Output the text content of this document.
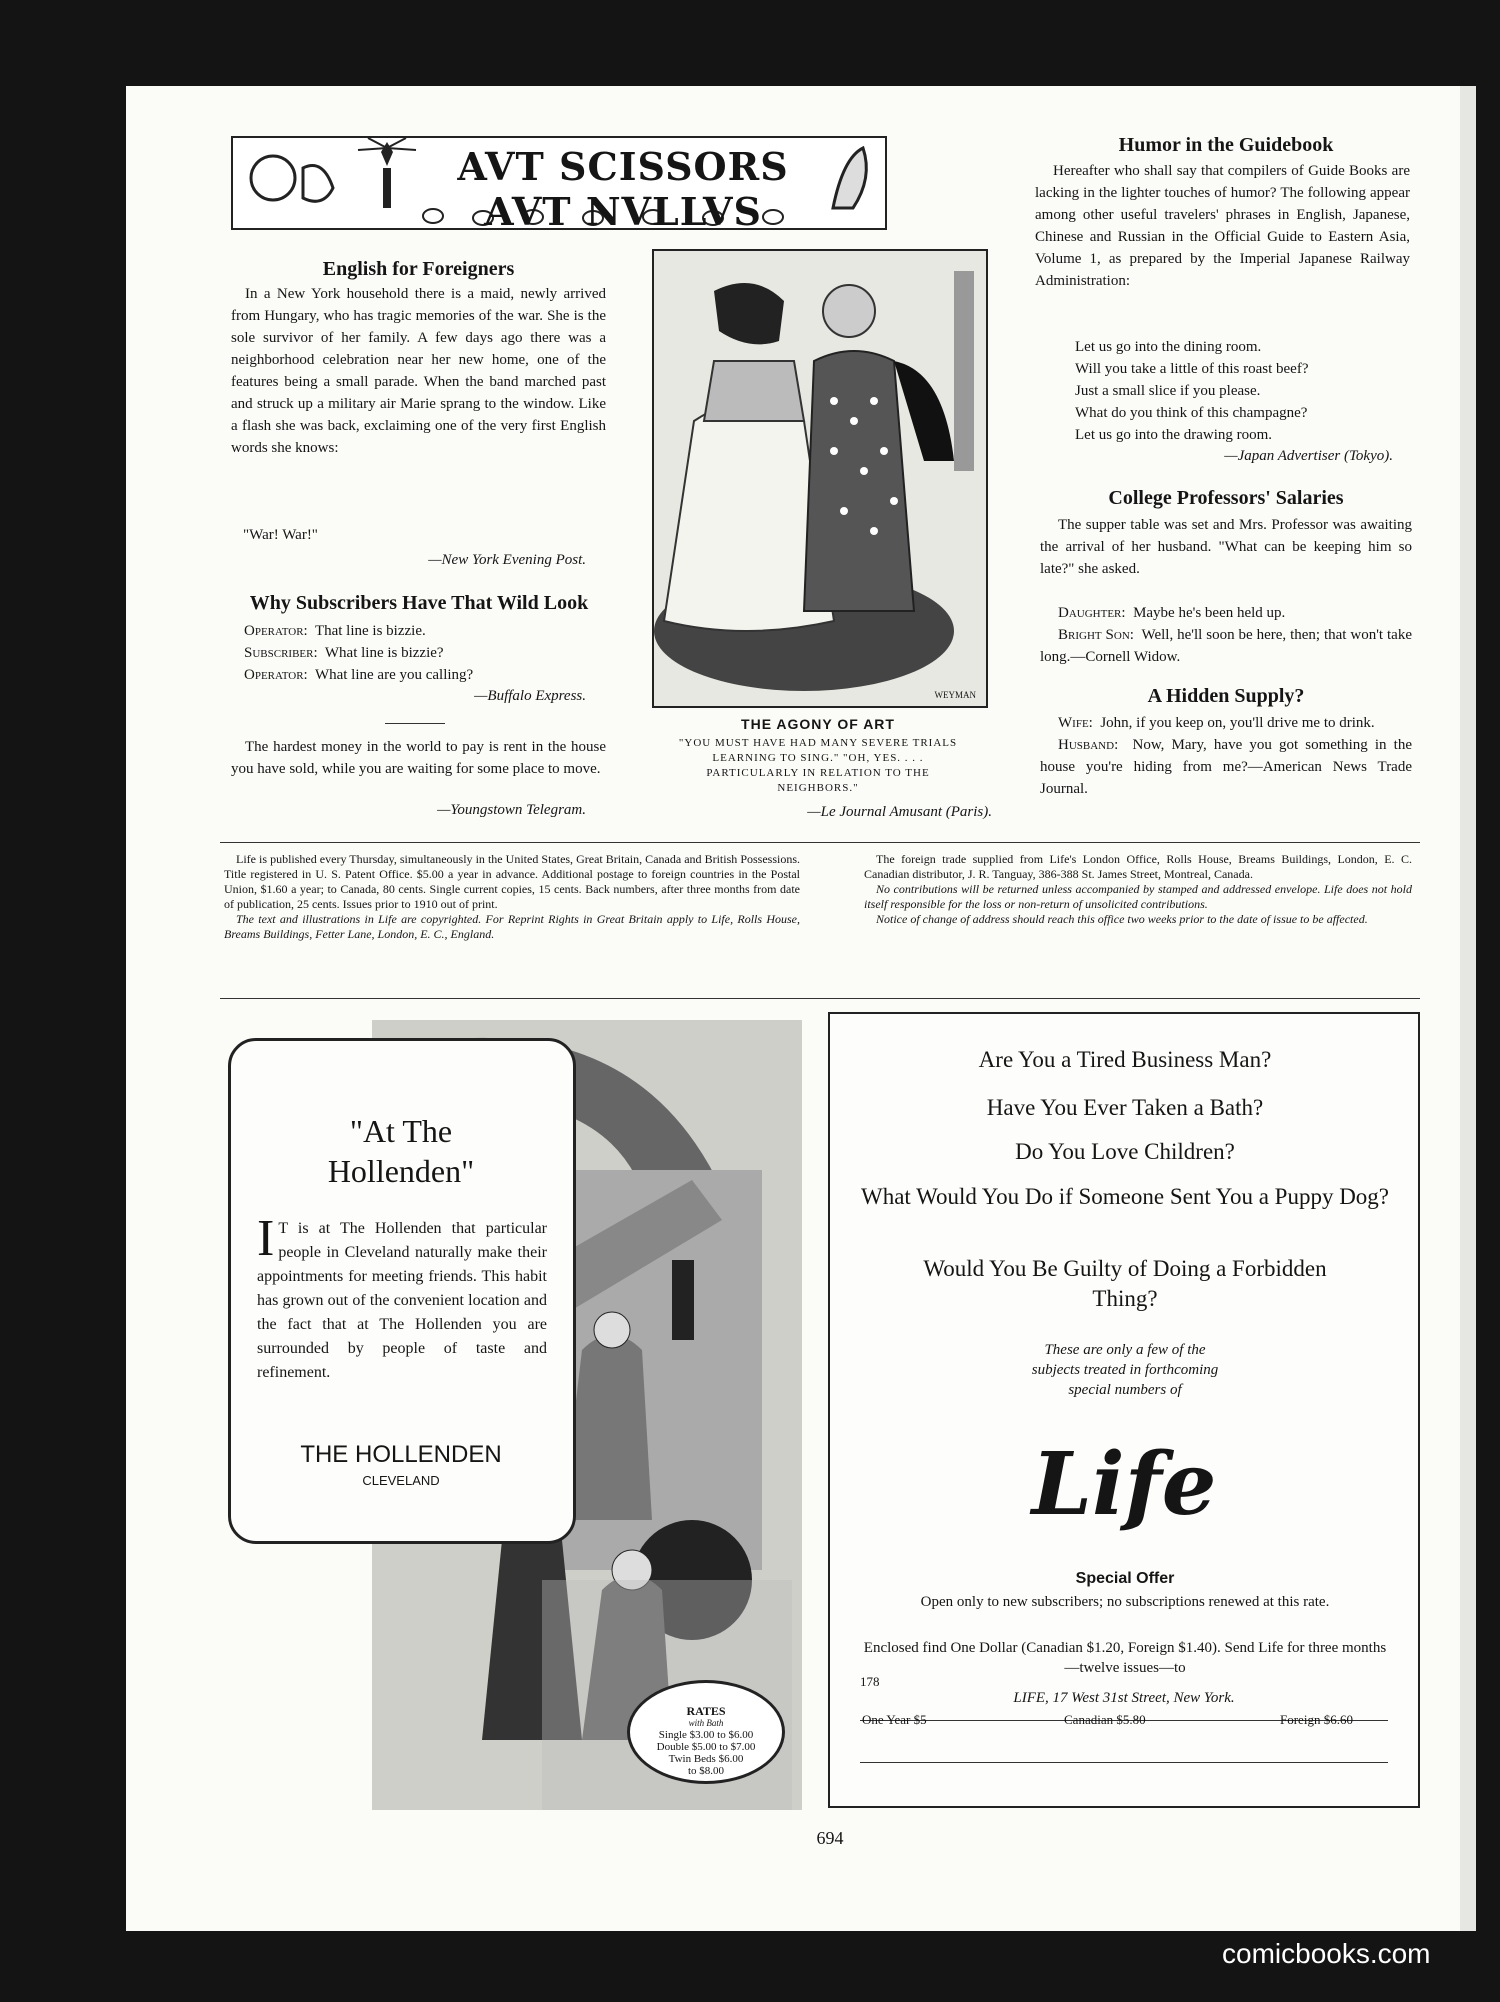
AVT SCISSORS AVT NVLLVS
English for Foreigners
In a New York household there is a maid, newly arrived from Hungary, who has tragic memories of the war. She is the sole survivor of her family. A few days ago there was a neighborhood celebration near her new home, one of the features being a small parade. When the band marched past and struck up a military air Marie sprang to the window. Like a flash she was back, exclaiming one of the very first English words she knows:
"War! War!"
—New York Evening Post.
Why Subscribers Have That Wild Look

Operator: That line is bizzie.

Subscriber: What line is bizzie?

Operator: What line are you calling?

—Buffalo Express.
The hardest money in the world to pay is rent in the house you have sold, while you are waiting for some place to move.
—Youngstown Telegram.
WEYMAN
THE AGONY OF ART
"YOU MUST HAVE HAD MANY SEVERE TRIALS LEARNING TO SING." "OH, YES. . . . PARTICULARLY IN RELATION TO THE NEIGHBORS."
—Le Journal Amusant (Paris).
Humor in the Guidebook
Hereafter who shall say that compilers of Guide Books are lacking in the lighter touches of humor? The following appear among other useful travelers' phrases in English, Japanese, Chinese and Russian in the Official Guide to Eastern Asia, Volume 1, as prepared by the Imperial Japanese Railway Administration:
Let us go into the dining room.
Will you take a little of this roast beef?
Just a small slice if you please.
What do you think of this champagne?
Let us go into the drawing room.
—Japan Advertiser (Tokyo).
College Professors' Salaries
The supper table was set and Mrs. Professor was awaiting the arrival of her husband. "What can be keeping him so late?" she asked.

Daughter: Maybe he's been held up.

Bright Son: Well, he'll soon be here, then; that won't take long.—Cornell Widow.

A Hidden Supply?

Wife: John, if you keep on, you'll drive me to drink.

Husband: Now, Mary, have you got something in the house you're hiding from me?—American News Trade Journal.

Life is published every Thursday, simultaneously in the United States, Great Britain, Canada and British Possessions. Title registered in U. S. Patent Office. $5.00 a year in advance. Additional postage to foreign countries in the Postal Union, $1.60 a year; to Canada, 80 cents. Single current copies, 15 cents. Back numbers, after three months from date of publication, 25 cents. Issues prior to 1910 out of print.
The text and illustrations in Life are copyrighted. For Reprint Rights in Great Britain apply to Life, Rolls House, Breams Buildings, Fetter Lane, London, E. C., England.
The foreign trade supplied from Life's London Office, Rolls House, Breams Buildings, London, E. C. Canadian distributor, J. R. Tanguay, 386-388 St. James Street, Montreal, Canada.
No contributions will be returned unless accompanied by stamped and addressed envelope. Life does not hold itself responsible for the loss or non-return of unsolicited contributions.
Notice of change of address should reach this office two weeks prior to the date of issue to be affected.
"At The Hollenden"
I T is at The Hollenden that particular people in Cleveland naturally make their appointments for meeting friends. This habit has grown out of the convenient location and the fact that at The Hollenden you are surrounded by people of taste and refinement.
THE HOLLENDEN
CLEVELAND
RATES
with Bath
Single $3.00 to $6.00
Double $5.00 to $7.00
Twin Beds $6.00
to $8.00
Are You a Tired Business Man?
Have You Ever Taken a Bath?
Do You Love Children?
What Would You Do if Someone Sent You a Puppy Dog?
Would You Be Guilty of Doing a Forbidden Thing?
These are only a few of the subjects treated in forthcoming special numbers of
Life
Special Offer
Open only to new subscribers; no subscriptions renewed at this rate.
Enclosed find One Dollar (Canadian $1.20, Foreign $1.40). Send Life for three months—twelve issues—to
178
LIFE, 17 West 31st Street, New York.
One Year $5	Canadian $5.80	Foreign $6.60
694
comicbooks.com
